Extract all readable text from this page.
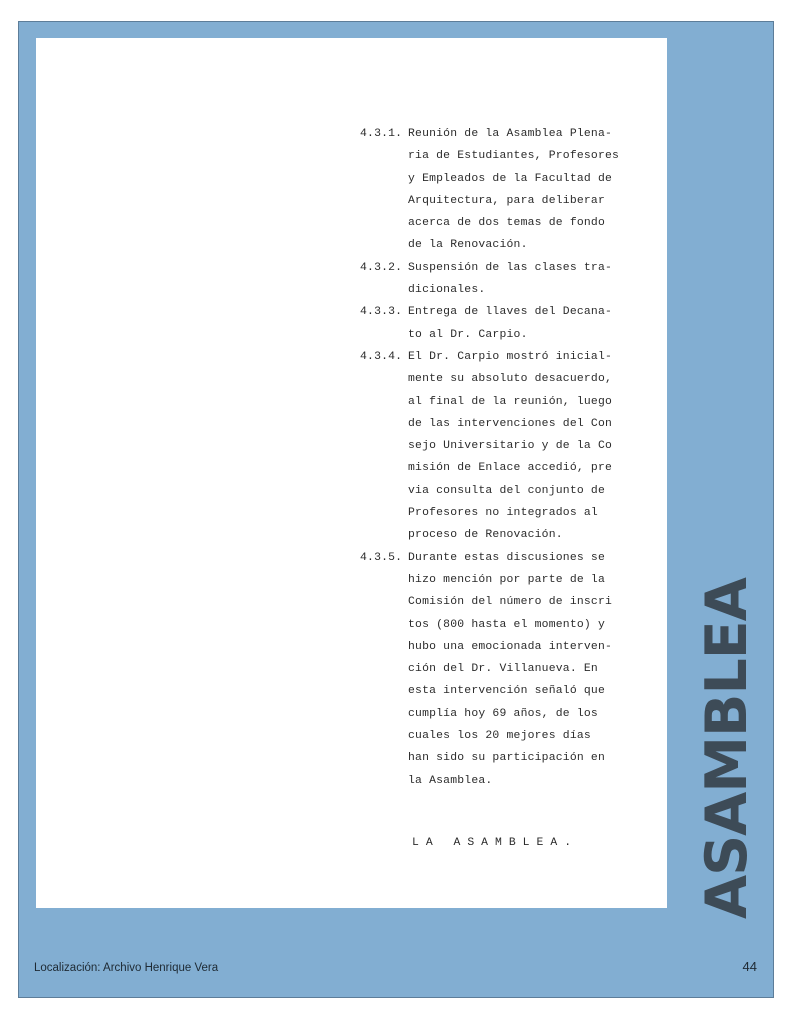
4.3.1. Reunión de la Asamblea Plena-
ria de Estudiantes, Profesores
y Empleados de la Facultad de
Arquitectura, para deliberar
acerca de dos temas de fondo
de la Renovación.
4.3.2. Suspensión de las clases tra-
dicionales.
4.3.3. Entrega de llaves del Decana-
to al Dr. Carpio.
4.3.4. El Dr. Carpio mostró inicial-
mente su absoluto desacuerdo,
al final de la reunión, luego
de las intervenciones del Con
sejo Universitario y de la Co
misión de Enlace accedió, pre
via consulta del conjunto de
Profesores no integrados al
proceso de Renovación.
4.3.5. Durante estas discusiones se
hizo mención por parte de la
Comisión del número de inscri
tos (800 hasta el momento) y
hubo una emocionada interven-
ción del Dr. Villanueva. En
esta intervención señaló que
cumplía hoy 69 años, de los
cuales los 20 mejores días
han sido su participación en
la Asamblea.
LA ASAMBLEA.	ASAMBLEA
Localización: Archivo Henrique Vera	44
